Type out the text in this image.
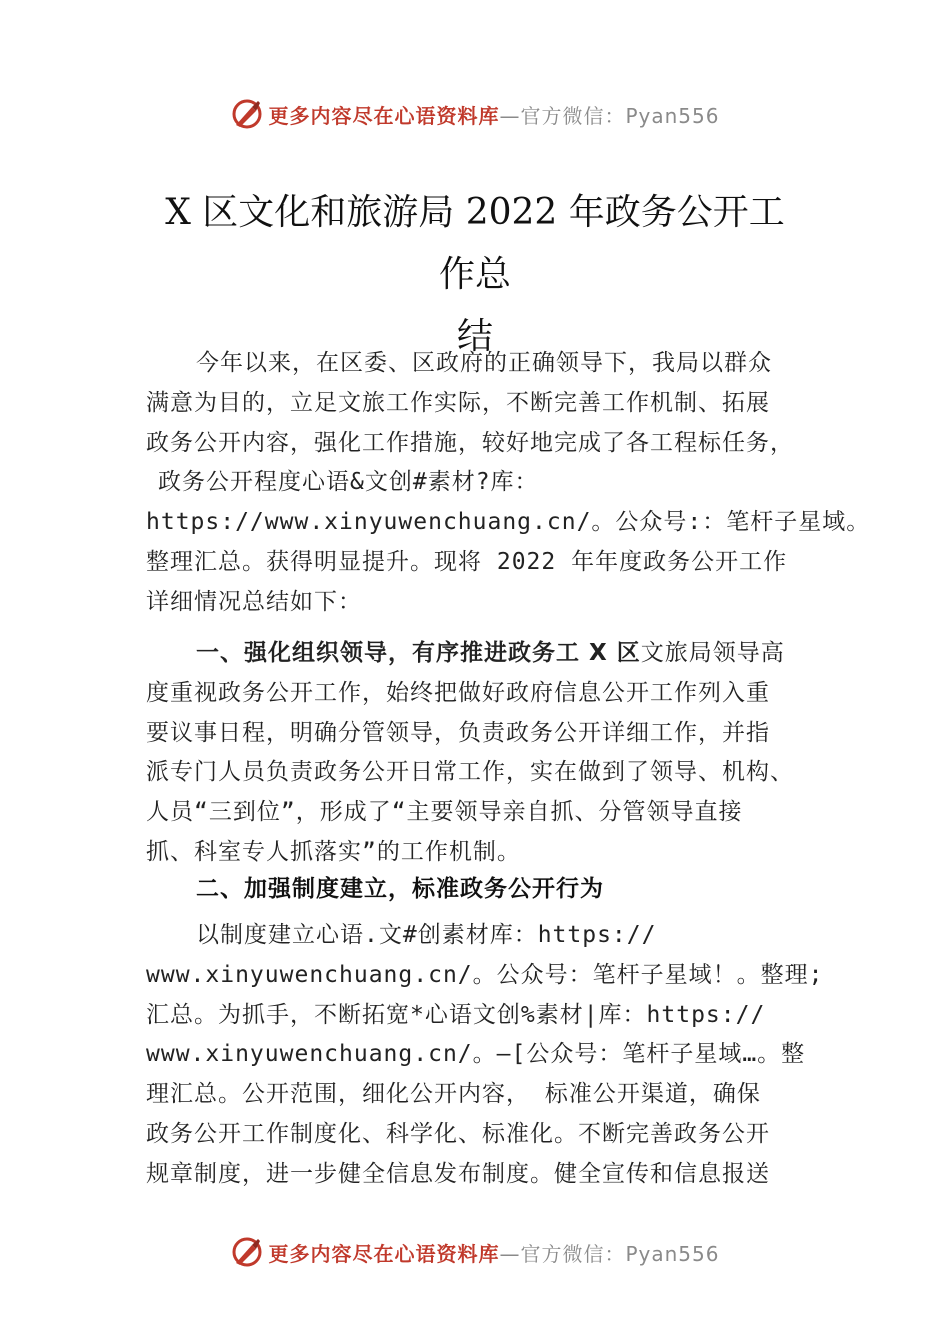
更多内容尽在心语资料库 —官方微信：Pyan556
X 区文化和旅游局 2022 年政务公开工作总
结
今年以来，在区委、区政府的正确领导下，我局以群众
满意为目的，立足文旅工作实际，不断完善工作机制、拓展
政务公开内容，强化工作措施，较好地完成了各工程标任务，
政务公开程度心语&文创#素材?库：
https://www.xinyuwenchuang.cn/。公众号:：笔杆子星域。
整理汇总。获得明显提升。现将 2022 年年度政务公开工作
详细情况总结如下：
一、强化组织领导，有序推进政务工 X 区文旅局领导高
度重视政务公开工作，始终把做好政府信息公开工作列入重
要议事日程，明确分管领导，负责政务公开详细工作，并指
派专门人员负责政务公开日常工作，实在做到了领导、机构、
人员“三到位”，形成了“主要领导亲自抓、分管领导直接
抓、科室专人抓落实”的工作机制。
二、加强制度建立，标准政务公开行为
以制度建立心语.文#创素材库：https://
www.xinyuwenchuang.cn/。公众号：笔杆子星域！。整理;
汇总。为抓手，不断拓宽*心语文创%素材|库：https://
www.xinyuwenchuang.cn/。—[公众号：笔杆子星域…。整
理汇总。公开范围，细化公开内容， 标准公开渠道，确保
政务公开工作制度化、科学化、标准化。不断完善政务公开
规章制度，进一步健全信息发布制度。健全宣传和信息报送
更多内容尽在心语资料库 —官方微信：Pyan556
